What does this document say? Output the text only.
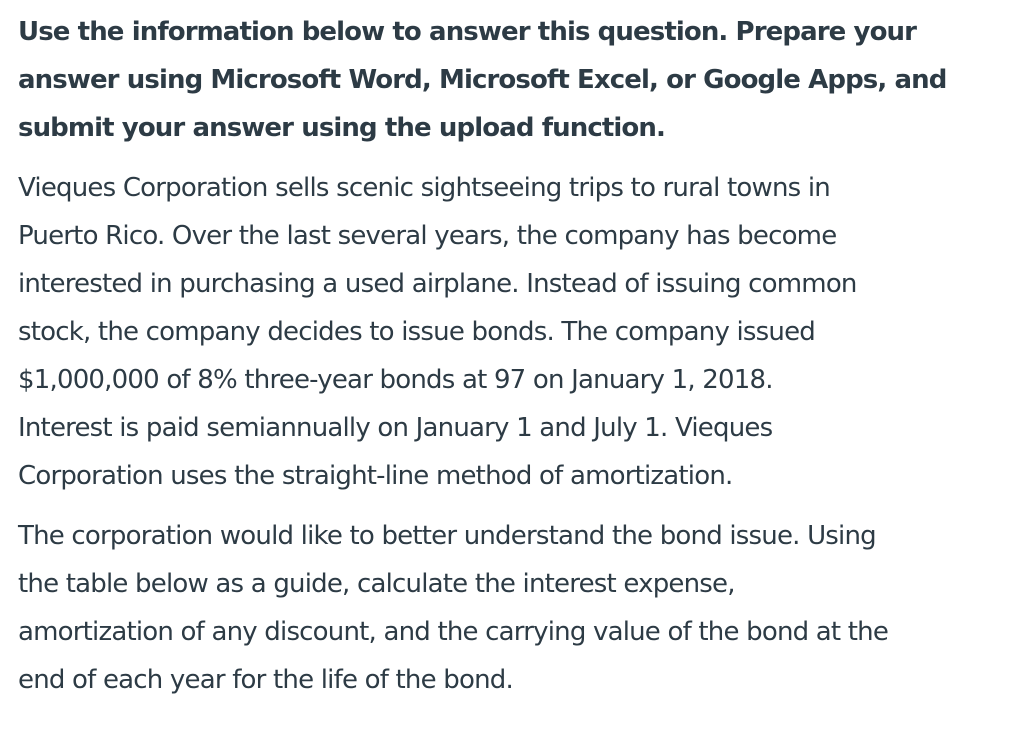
Use the information below to answer this question. Prepare your
answer using Microsoft Word, Microsoft Excel, or Google Apps, and
submit your answer using the upload function.

Vieques Corporation sells scenic sightseeing trips to rural towns in
Puerto Rico. Over the last several years, the company has become
interested in purchasing a used airplane. Instead of issuing common
stock, the company decides to issue bonds. The company issued
$1,000,000 of 8% three-year bonds at 97 on January 1, 2018.
Interest is paid semiannually on January 1 and July 1. Vieques
Corporation uses the straight-line method of amortization.

The corporation would like to better understand the bond issue. Using
the table below as a guide, calculate the interest expense,
amortization of any discount, and the carrying value of the bond at the
end of each year for the life of the bond.
